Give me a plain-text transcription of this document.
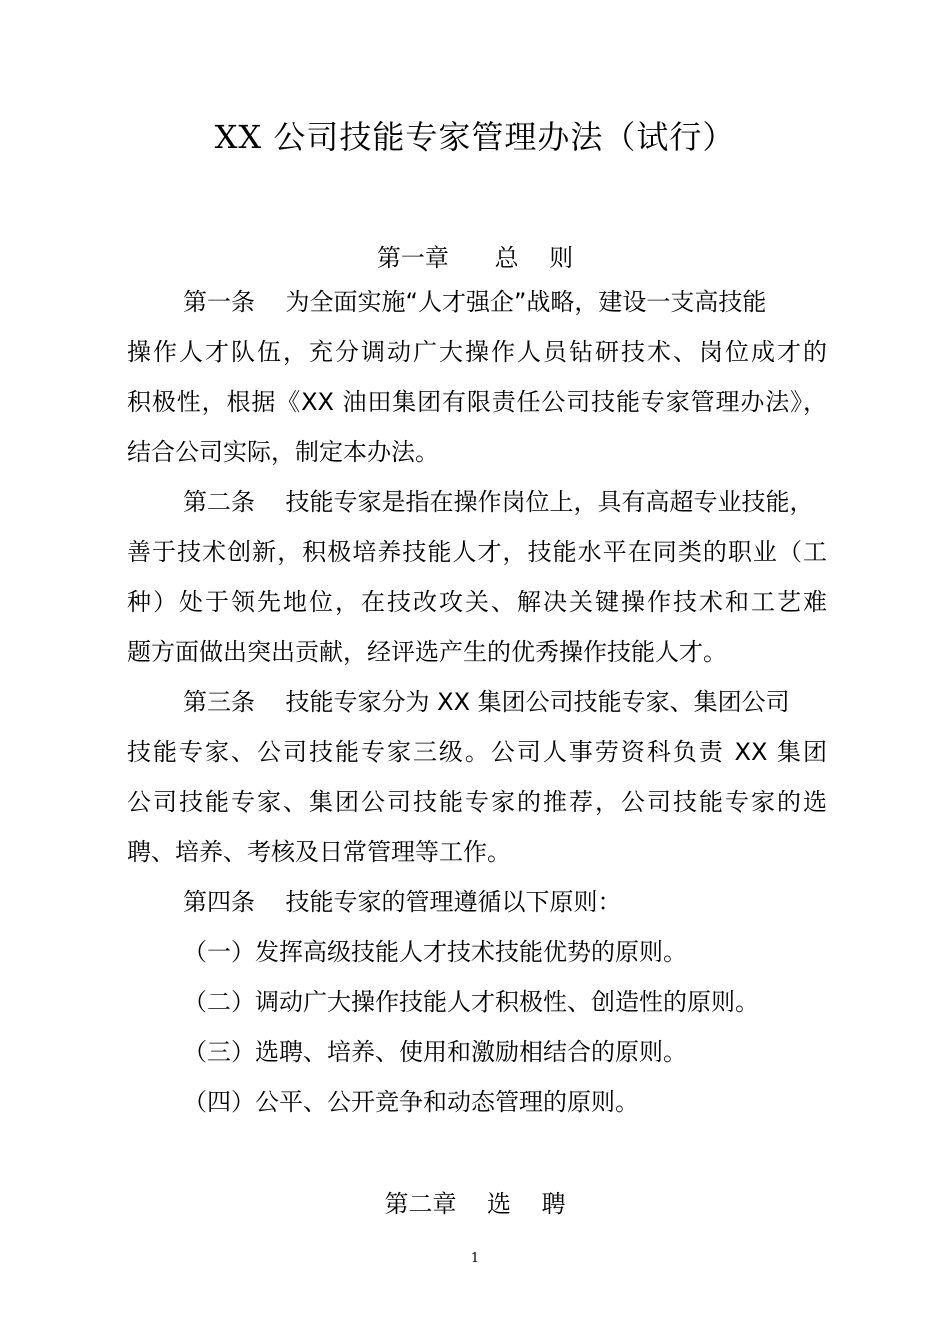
XX 公司技能专家管理办法（试行）
第一章      总    则
第一条    为全面实施“人才强企”战略，建设一支高技能
操作人才队伍，充分调动广大操作人员钻研技术、岗位成才的
积极性，根据《XX 油田集团有限责任公司技能专家管理办法》，
结合公司实际，制定本办法。
第二条    技能专家是指在操作岗位上，具有高超专业技能，
善于技术创新，积极培养技能人才，技能水平在同类的职业（工
种）处于领先地位，在技改攻关、解决关键操作技术和工艺难
题方面做出突出贡献，经评选产生的优秀操作技能人才。
第三条    技能专家分为 XX 集团公司技能专家、集团公司
技能专家、公司技能专家三级。公司人事劳资科负责 XX 集团
公司技能专家、集团公司技能专家的推荐，公司技能专家的选
聘、培养、考核及日常管理等工作。
第四条    技能专家的管理遵循以下原则：
（一）发挥高级技能人才技术技能优势的原则。
（二）调动广大操作技能人才积极性、创造性的原则。
（三）选聘、培养、使用和激励相结合的原则。
（四）公平、公开竞争和动态管理的原则。
第二章    选    聘
1
